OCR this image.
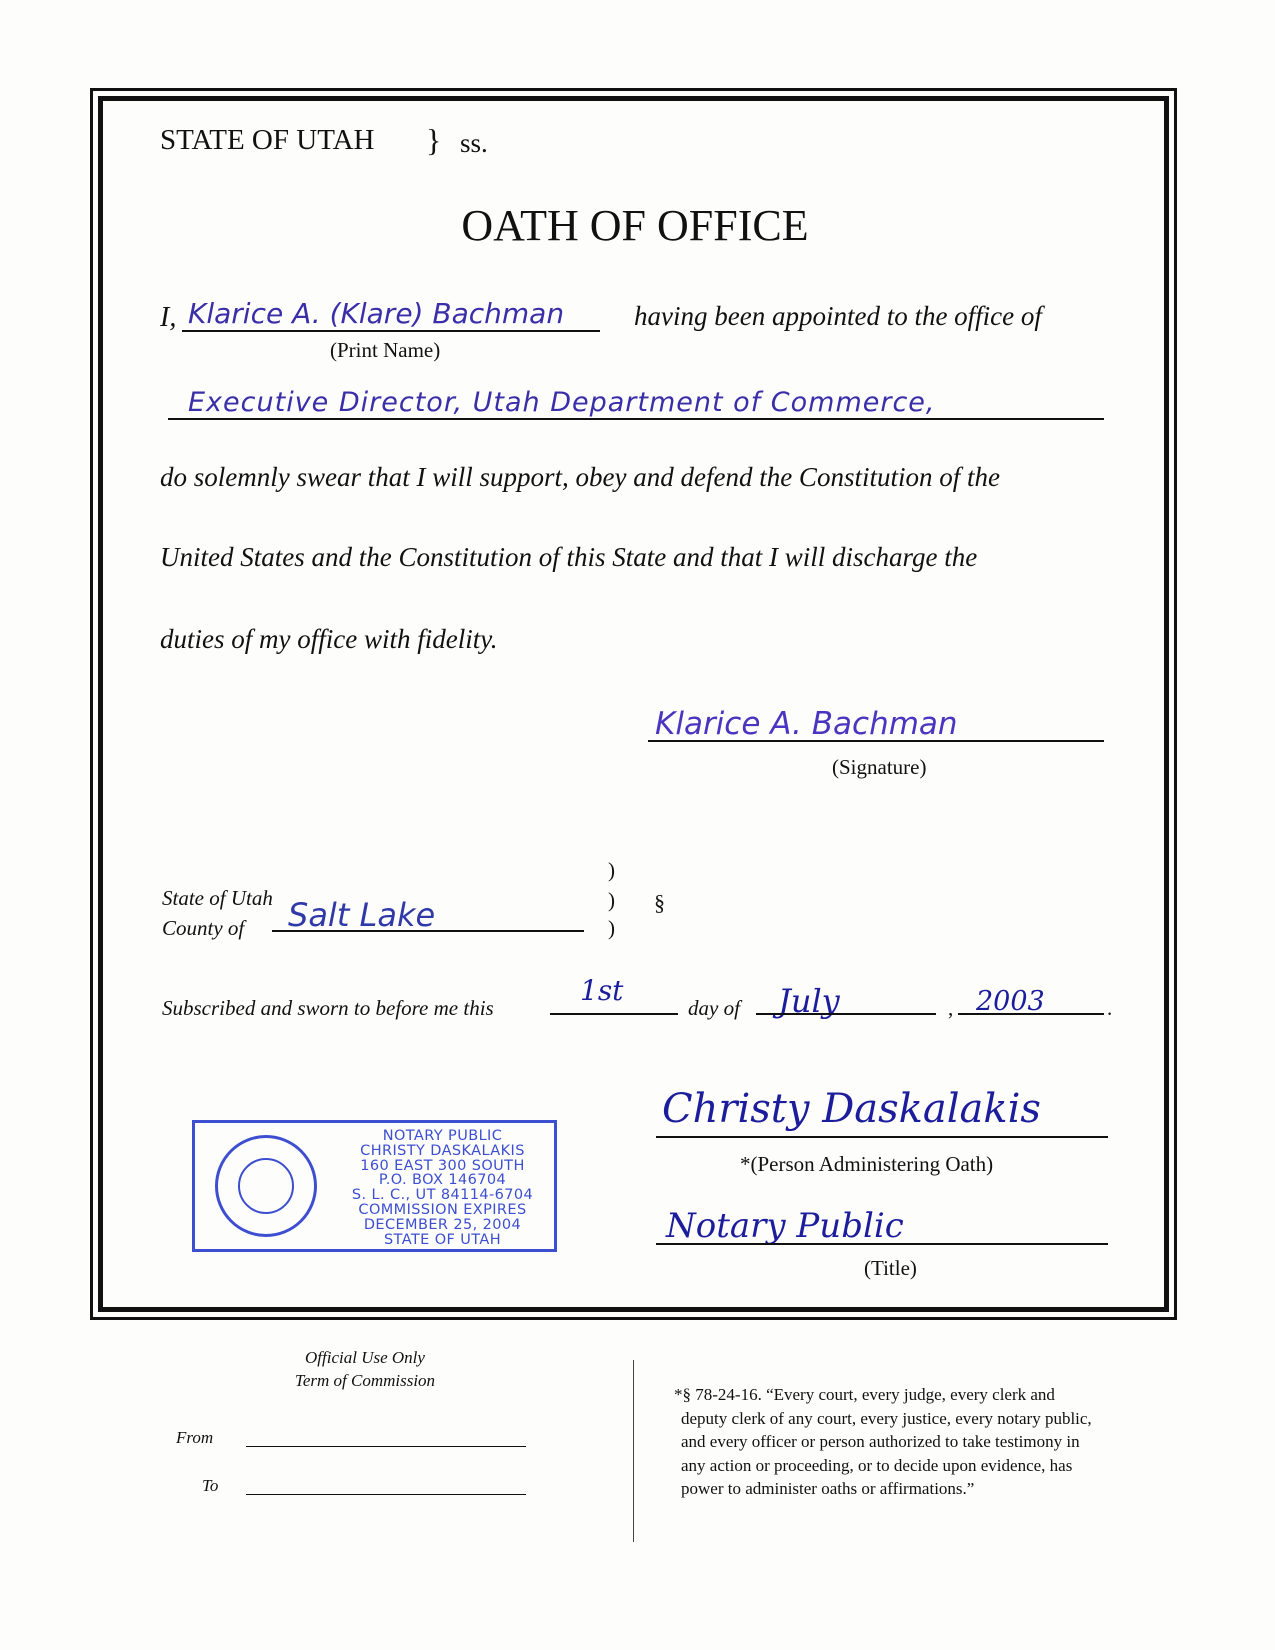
STATE OF UTAH } ss.
OATH OF OFFICE
I, Klarice A. (Klare) Bachman
(Print Name)
having been appointed to the office of
Executive Director, Utah Department of Commerce,
do solemnly swear that I will support, obey and defend the Constitution of the
United States and the Constitution of this State and that I will discharge the
duties of my office with fidelity.
Klarice A. Bachman
(Signature)
State of Utah
County of Salt Lake
)
)
)
§
Subscribed and sworn to before me this
1st
day of July	, 2003	.
NOTARY PUBLIC
CHRISTY DASKALAKIS
160 EAST 300 SOUTH
P.O. BOX 146704
S. L. C., UT 84114-6704
COMMISSION EXPIRES
DECEMBER 25, 2004
STATE OF UTAH
Christy Daskalakis
*(Person Administering Oath)
Notary Public
(Title)
Official Use Only
Term of Commission
From
To
*§ 78-24-16. “Every court, every judge, every clerk and
deputy clerk of any court, every justice, every notary public,
and every officer or person authorized to take testimony in
any action or proceeding, or to decide upon evidence, has
power to administer oaths or affirmations.”
